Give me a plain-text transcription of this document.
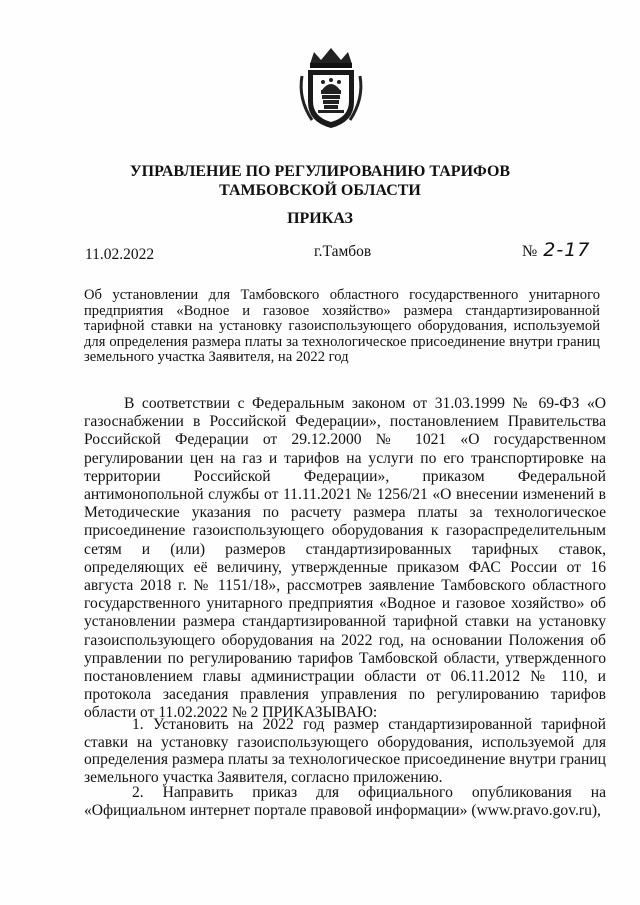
УПРАВЛЕНИЕ ПО РЕГУЛИРОВАНИЮ ТАРИФОВ
ТАМБОВСКОЙ ОБЛАСТИ
ПРИКАЗ
11.02.2022	г.Тамбов	№ 2-17
Об установлении для Тамбовского областного государственного унитарного предприятия «Водное и газовое хозяйство» размера стандартизированной тарифной ставки на установку газоиспользующего оборудования, используемой для определения размера платы за технологическое присоединение внутри границ земельного участка Заявителя, на 2022 год
В соответствии с Федеральным законом от 31.03.1999 № 69-ФЗ «О газоснабжении в Российской Федерации», постановлением Правительства Российской Федерации от 29.12.2000 № 1021 «О государственном регулировании цен на газ и тарифов на услуги по его транспортировке на территории Российской Федерации», приказом Федеральной антимонопольной службы от 11.11.2021 № 1256/21 «О внесении изменений в Методические указания по расчету размера платы за технологическое присоединение газоиспользующего оборудования к газораспределительным сетям и (или) размеров стандартизированных тарифных ставок, определяющих её величину, утвержденные приказом ФАС России от 16 августа 2018 г. № 1151/18», рассмотрев заявление Тамбовского областного государственного унитарного предприятия «Водное и газовое хозяйство» об установлении размера стандартизированной тарифной ставки на установку газоиспользующего оборудования на 2022 год, на основании Положения об управлении по регулированию тарифов Тамбовской области, утвержденного постановлением главы администрации области от 06.11.2012 № 110, и протокола заседания правления управления по регулированию тарифов области от 11.02.2022 № 2 ПРИКАЗЫВАЮ:
1. Установить на 2022 год размер стандартизированной тарифной ставки на установку газоиспользующего оборудования, используемой для определения размера платы за технологическое присоединение внутри границ земельного участка Заявителя, согласно приложению.
2. Направить приказ для официального опубликования на «Официальном интернет портале правовой информации» (www.pravo.gov.ru),
